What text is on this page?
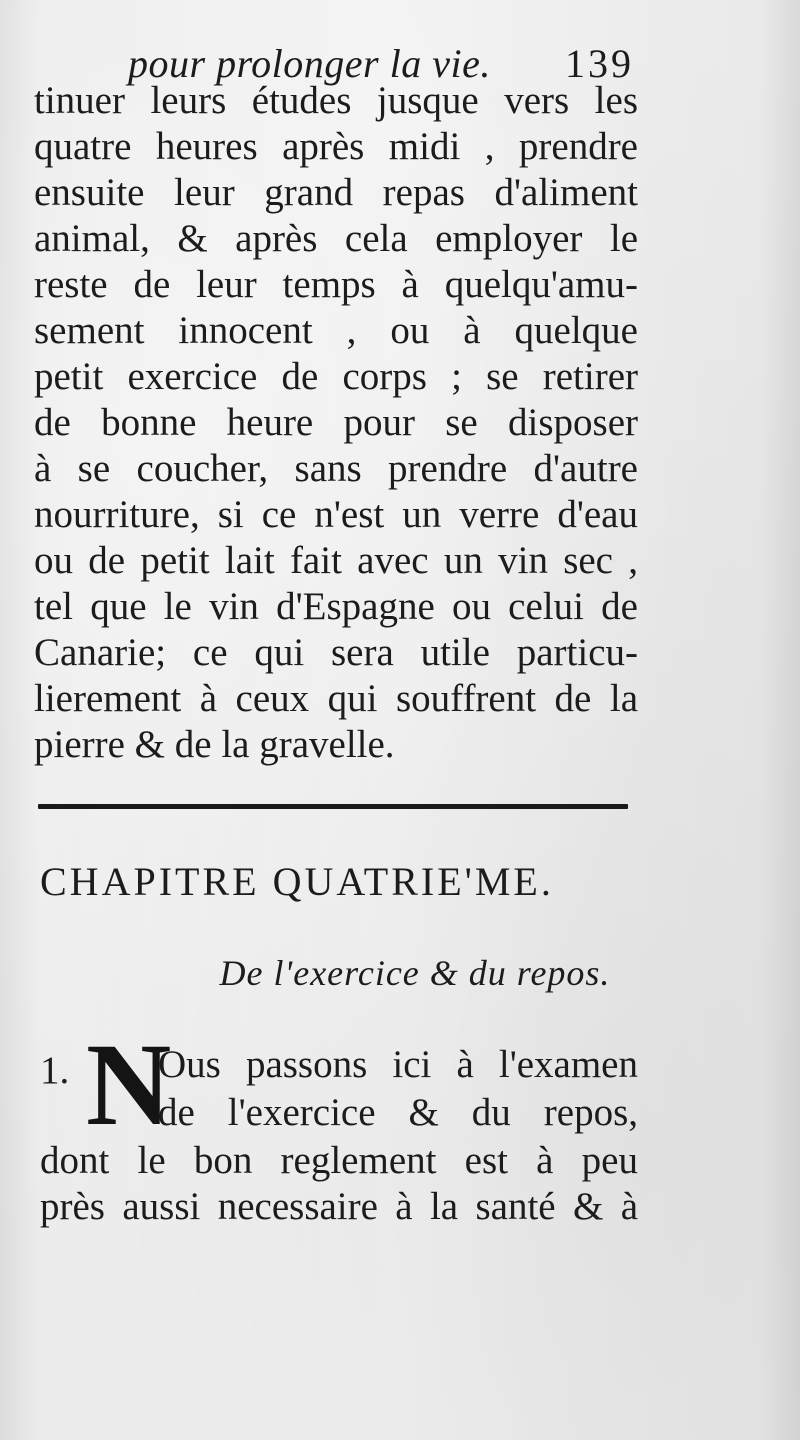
pour prolonger la vie. 139
tinuer leurs études jusque vers les
quatre heures après midi , prendre
ensuite leur grand repas d'aliment
animal, & après cela employer le
reste de leur temps à quelqu'amu-
sement innocent , ou à quelque
petit exercice de corps ; se retirer
de bonne heure pour se disposer
à se coucher, sans prendre d'autre
nourriture, si ce n'est un verre d'eau
ou de petit lait fait avec un vin sec ,
tel que le vin d'Espagne ou celui de
Canarie; ce qui sera utile particu-
lierement à ceux qui souffrent de la
pierre & de la gravelle.
CHAPITRE QUATRIE'ME.
De l'exercice & du repos.
1. N
Ous passons ici à l'examen
de l'exercice & du repos,
dont le bon reglement est à peu
près aussi necessaire à la santé & à
